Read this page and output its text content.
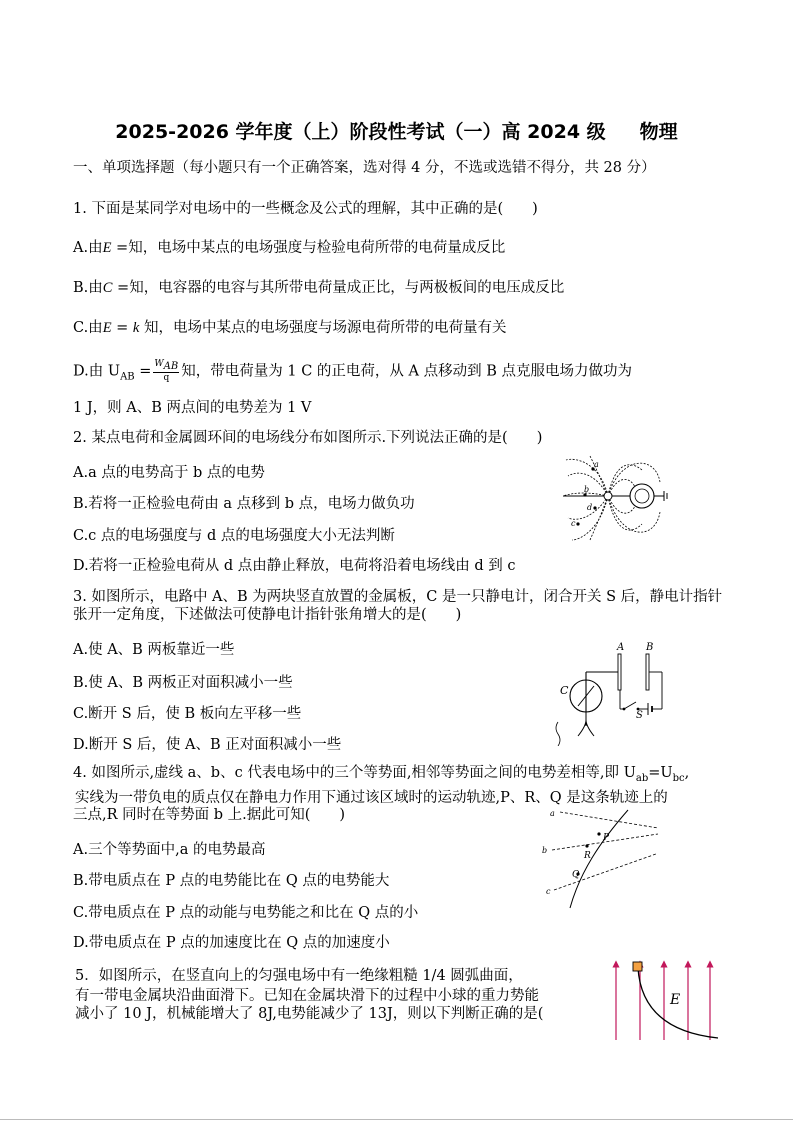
2025-2026 学年度（上）阶段性考试（一）高 2024 级 物理
一、单项选择题（每小题只有一个正确答案，选对得 4 分，不选或选错不得分，共 28 分）
1. 下面是某同学对电场中的一些概念及公式的理解，其中正确的是(　　)
A.由E =知，电场中某点的电场强度与检验电荷所带的电荷量成反比
B.由C =知，电容器的电容与其所带电荷量成正比，与两极板间的电压成反比
C.由E = k 知，电场中某点的电场强度与场源电荷所带的电荷量有关
D.由 $U_{AB} = \frac{W_{AB}}{q}$ 知，带电荷量为 1 C 的正电荷，从 A 点移动到 B 点克服电场力做功为
1 J，则 A、B 两点间的电势差为 1 V
2. 某点电荷和金属圆环间的电场线分布如图所示.下列说法正确的是(　　)
A.a 点的电势高于 b 点的电势
B.若将一正检验电荷由 a 点移到 b 点，电场力做负功
C.c 点的电场强度与 d 点的电场强度大小无法判断
D.若将一正检验电荷从 d 点由静止释放，电荷将沿着电场线由 d 到 c
a
b
c
d
3. 如图所示，电路中 A、B 为两块竖直放置的金属板，C 是一只静电计，闭合开关 S 后，静电计指针张开一定角度，下述做法可使静电计指针张角增大的是(　　)
A.使 A、B 两板靠近一些
B.使 A、B 两板正对面积减小一些
C.断开 S 后，使 B 板向左平移一些
D.断开 S 后，使 A、B 正对面积减小一些
A B
C
S
4. 如图所示,虚线 a、b、c 代表电场中的三个等势面,相邻等势面之间的电势差相等,即 $U_{ab}=U_{bc}$,
实线为一带负电的质点仅在静电力作用下通过该区域时的运动轨迹,P、R、Q 是这条轨迹上的
三点,R 同时在等势面 b 上.据此可知(　　)
A.三个等势面中,a 的电势最高
B.带电质点在 P 点的电势能比在 Q 点的电势能大
C.带电质点在 P 点的动能与电势能之和比在 Q 点的小
D.带电质点在 P 点的加速度比在 Q 点的加速度小
a
b
c
P
R
Q
5．如图所示，在竖直向上的匀强电场中有一绝缘粗糙 1/4 圆弧曲面，
有一带电金属块沿曲面滑下。已知在金属块滑下的过程中小球的重力势能
减小了 10 J，机械能增大了 8J,电势能减少了 13J，则以下判断正确的是(
E
